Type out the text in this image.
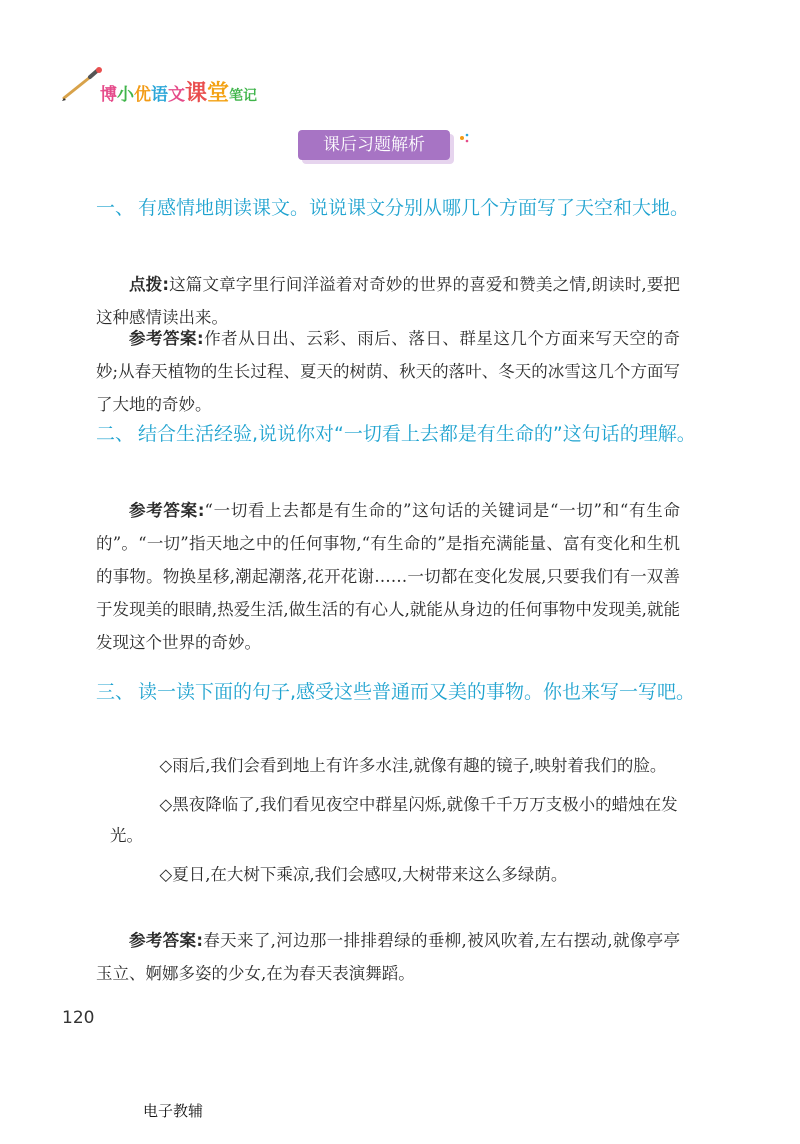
博小优语文课堂笔记
课后习题解析
一、 有感情地朗读课文。说说课文分别从哪几个方面写了天空和大地。
点拨:这篇文章字里行间洋溢着对奇妙的世界的喜爱和赞美之情,朗读时,要把这种感情读出来。
参考答案:作者从日出、云彩、雨后、落日、群星这几个方面来写天空的奇妙;从春天植物的生长过程、夏天的树荫、秋天的落叶、冬天的冰雪这几个方面写了大地的奇妙。
二、 结合生活经验,说说你对“一切看上去都是有生命的”这句话的理解。
参考答案:“一切看上去都是有生命的”这句话的关键词是“一切”和“有生命的”。“一切”指天地之中的任何事物,“有生命的”是指充满能量、富有变化和生机的事物。物换星移,潮起潮落,花开花谢……一切都在变化发展,只要我们有一双善于发现美的眼睛,热爱生活,做生活的有心人,就能从身边的任何事物中发现美,就能发现这个世界的奇妙。
三、 读一读下面的句子,感受这些普通而又美的事物。你也来写一写吧。

◇雨后,我们会看到地上有许多水洼,就像有趣的镜子,映射着我们的脸。

◇黑夜降临了,我们看见夜空中群星闪烁,就像千千万万支极小的蜡烛在发光。

◇夏日,在大树下乘凉,我们会感叹,大树带来这么多绿荫。

参考答案:春天来了,河边那一排排碧绿的垂柳,被风吹着,左右摆动,就像亭亭玉立、婀娜多姿的少女,在为春天表演舞蹈。
120
电子教辅
